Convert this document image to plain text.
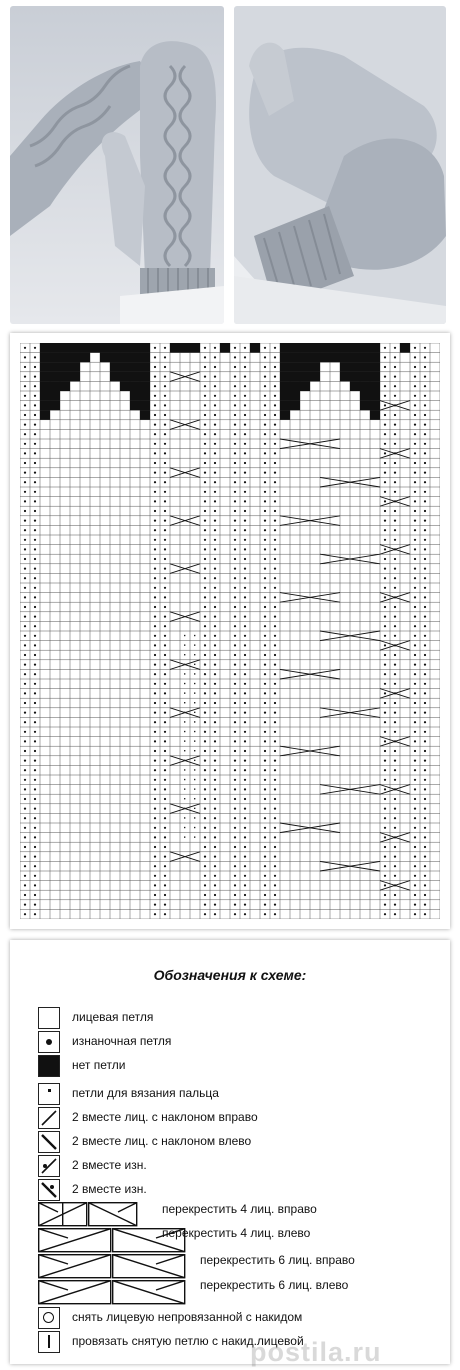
Обозначения к схеме:
лицевая петля
изнаночная петля
нет петли
петли для вязания пальца
2 вместе лиц. с наклоном вправо
2 вместе лиц. с наклоном влево
2 вместе изн.
2 вместе изн.
перекрестить 4 лиц. вправо
перекрестить 4 лиц. влево
перекрестить 6 лиц. вправо
перекрестить 6 лиц. влево
снять лицевую непровязанной с накидом
провязать снятую петлю с накид.лицевой
postila.ru
